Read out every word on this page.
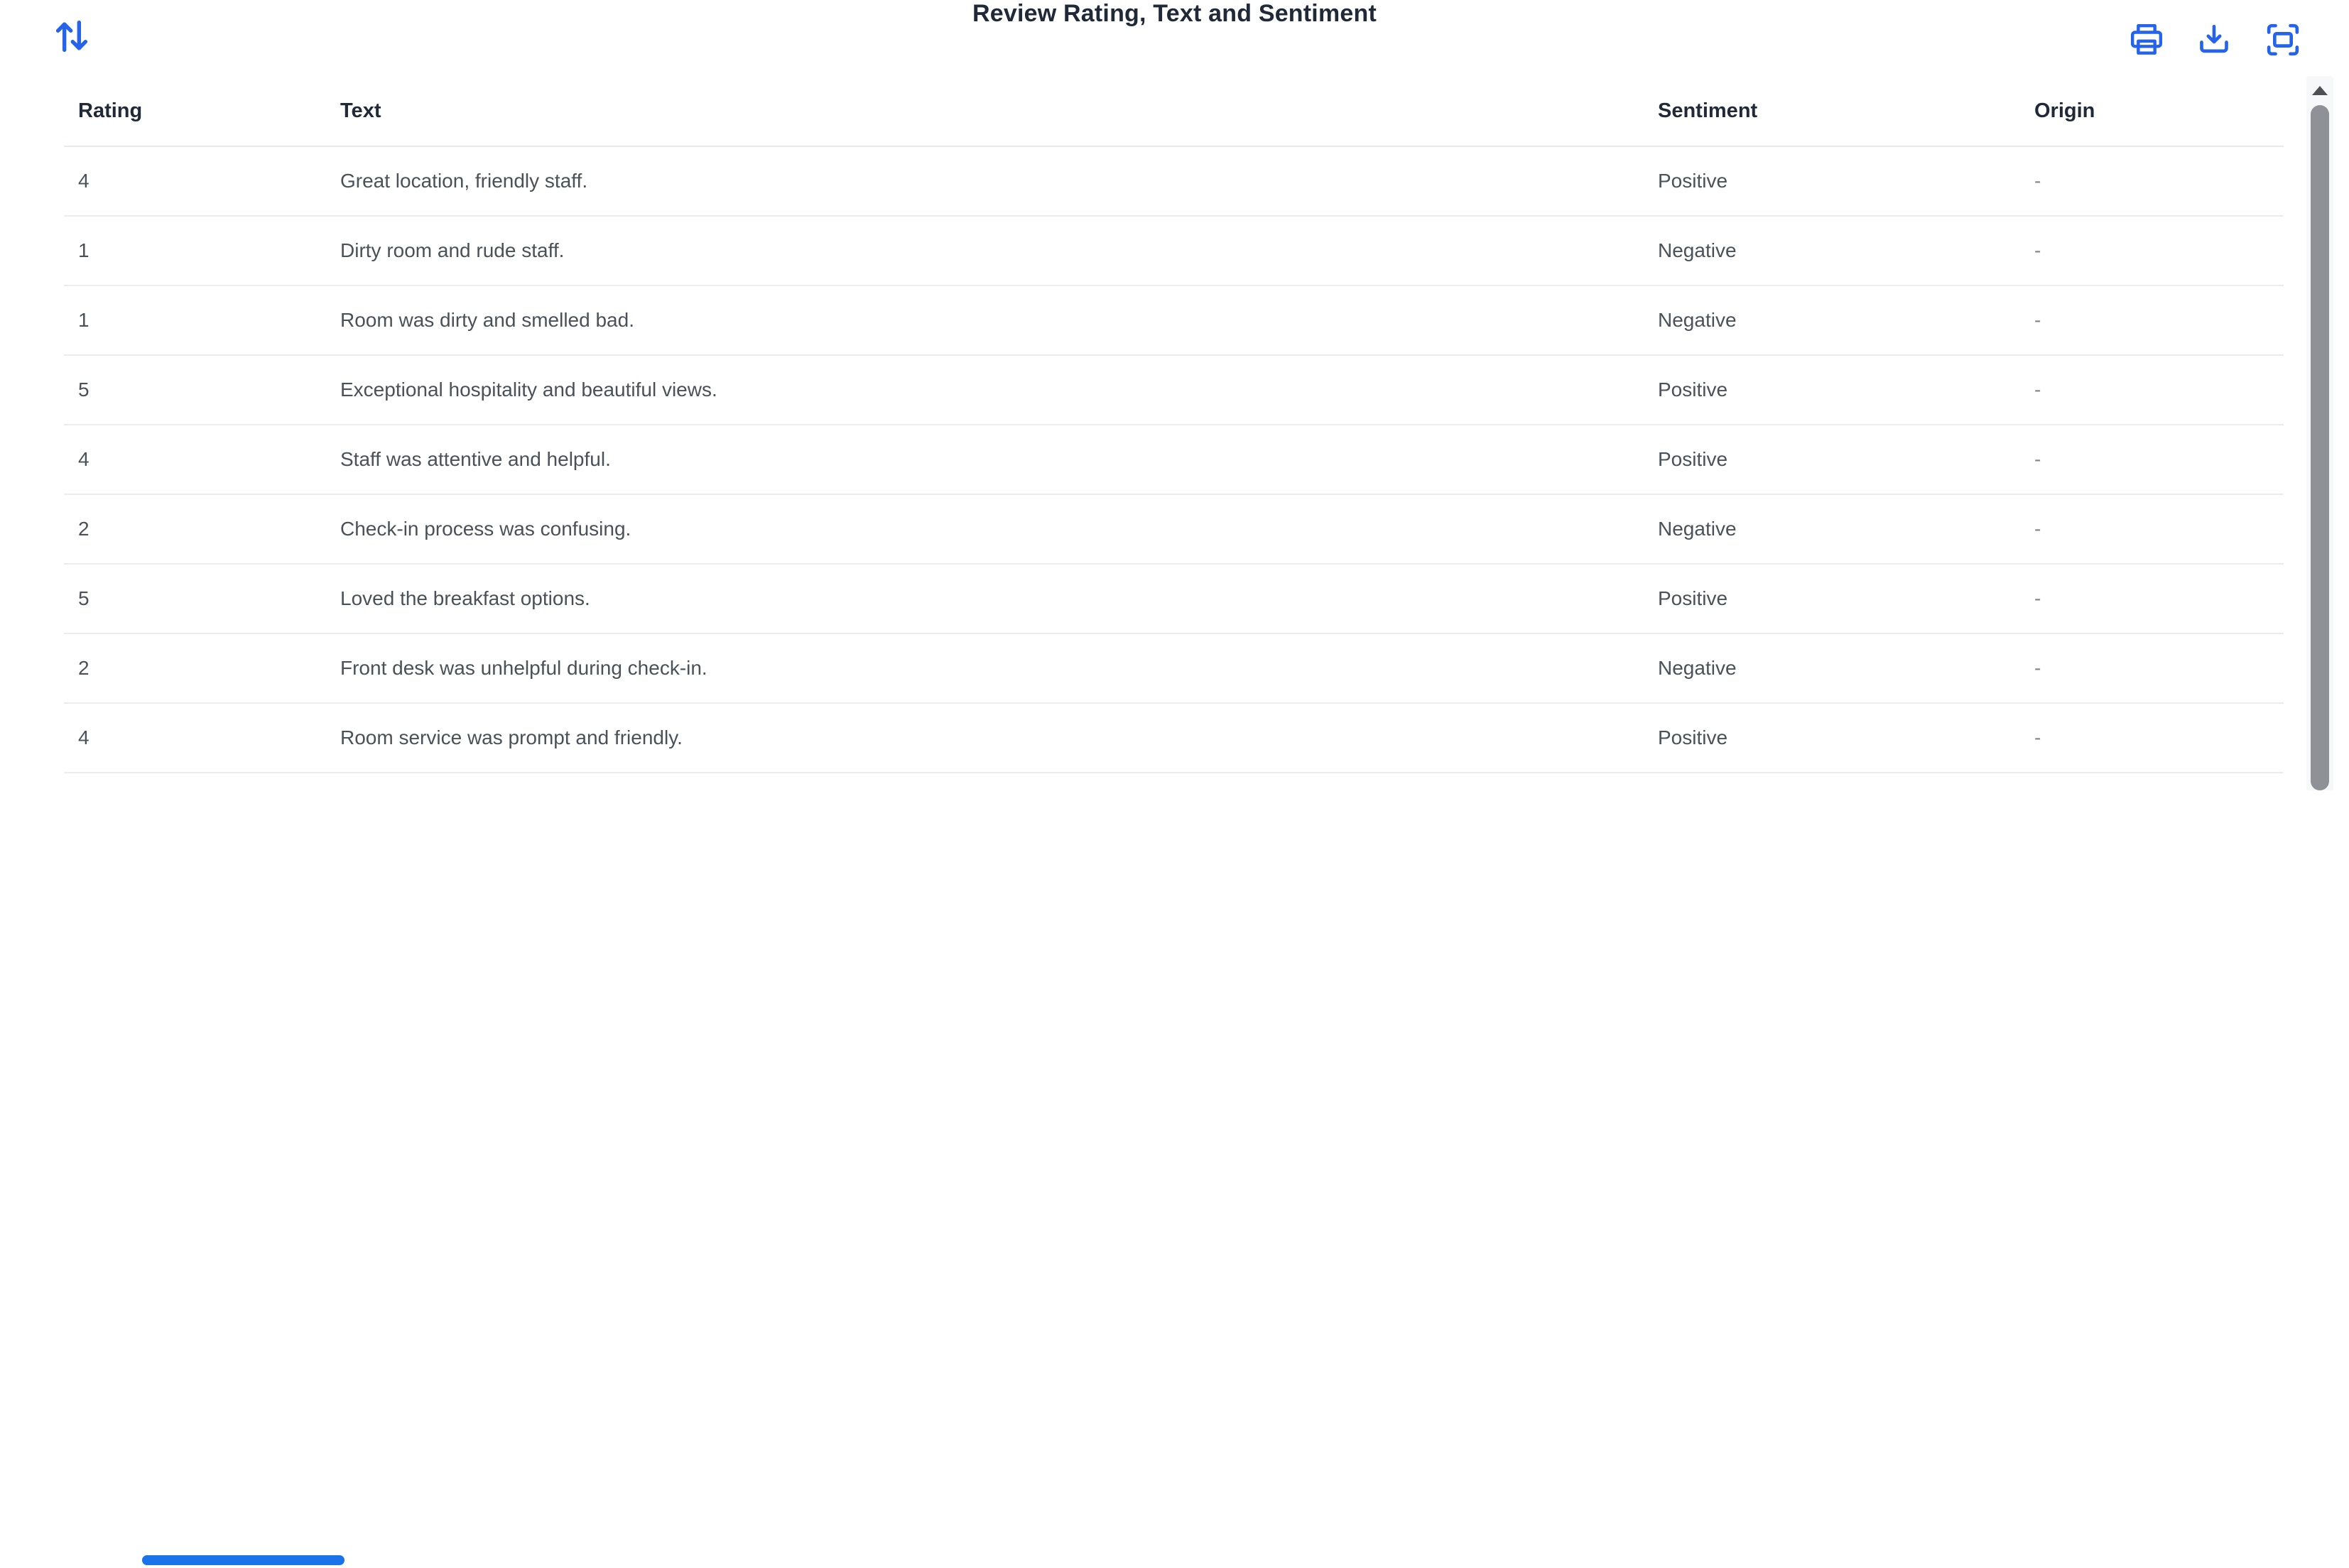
Review Rating, Text and Sentiment
Rating	Text	Sentiment	Origin
4	Great location, friendly staff.	Positive	-
1	Dirty room and rude staff.	Negative	-
1	Room was dirty and smelled bad.	Negative	-
5	Exceptional hospitality and beautiful views.	Positive	-
4	Staff was attentive and helpful.	Positive	-
2	Check-in process was confusing.	Negative	-
5	Loved the breakfast options.	Positive	-
2	Front desk was unhelpful during check-in.	Negative	-
4	Room service was prompt and friendly.	Positive	-
